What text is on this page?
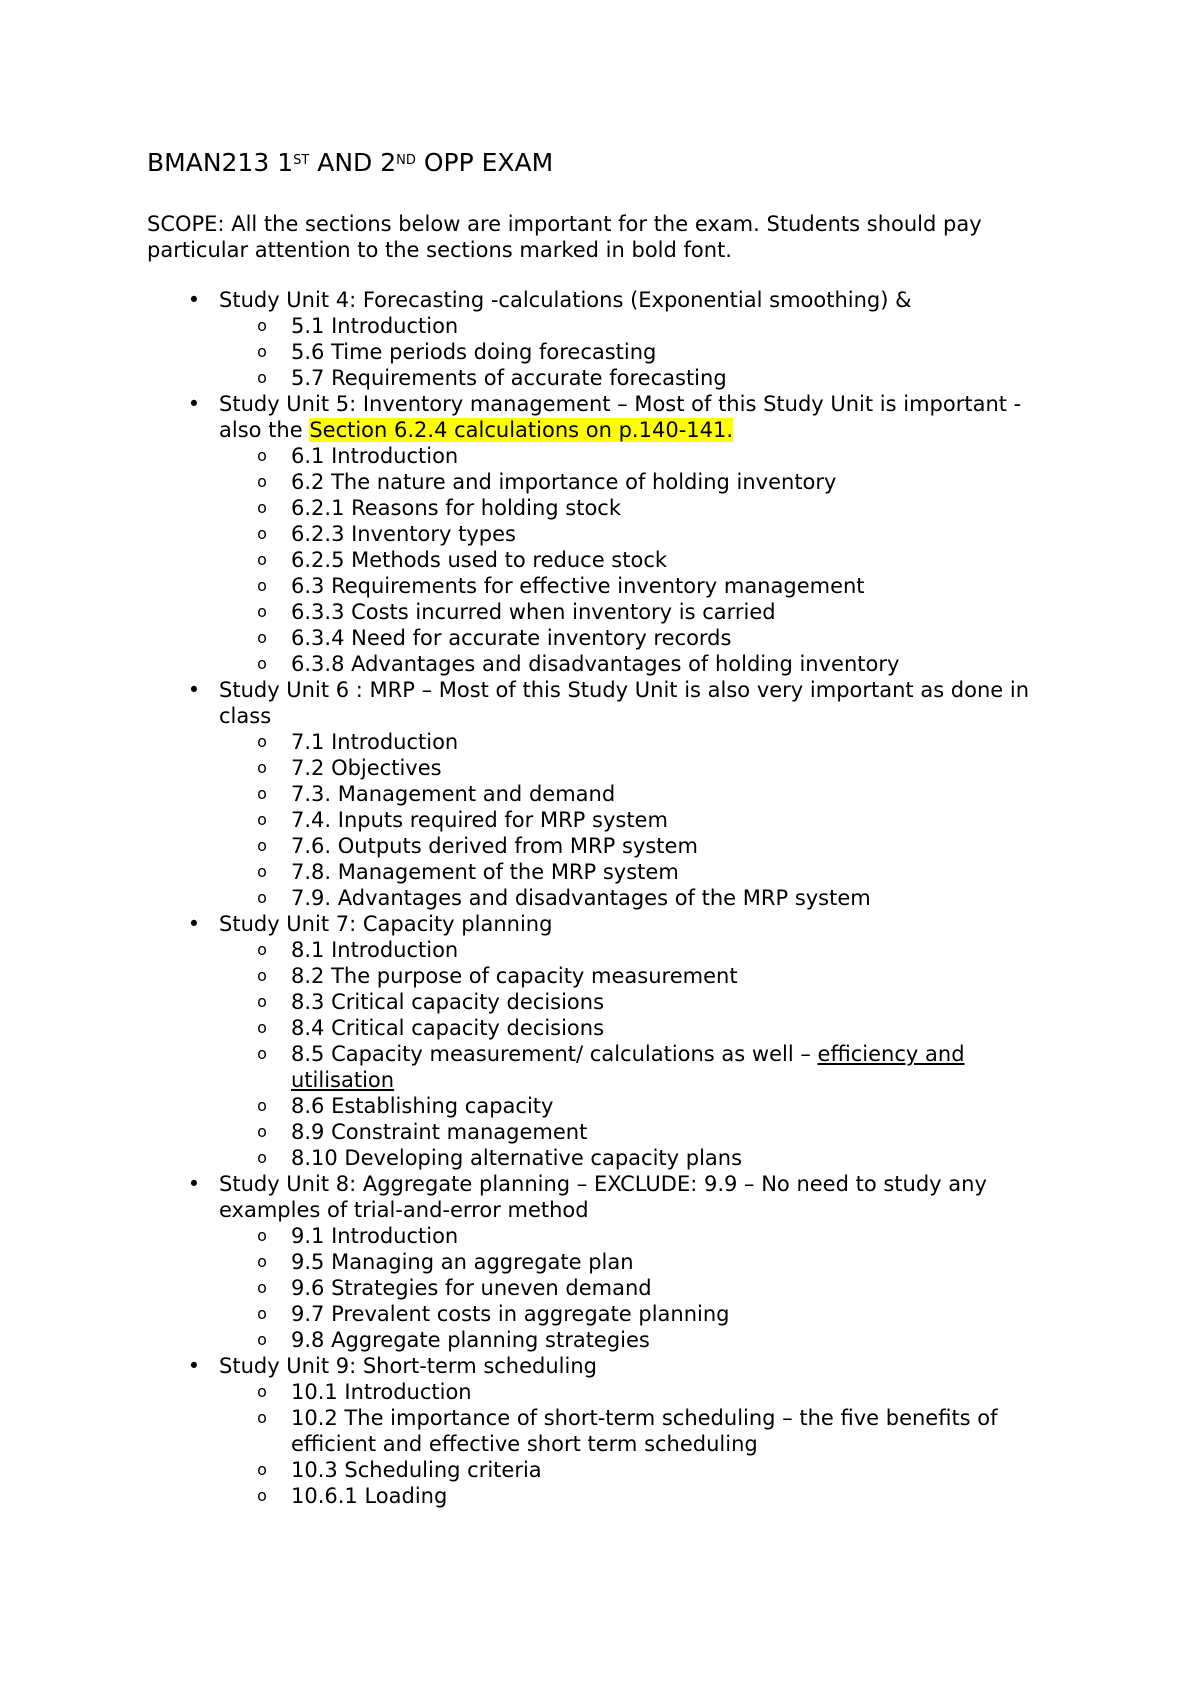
BMAN213 1ST AND 2ND OPP EXAM

SCOPE: All the sections below are important for the exam. Students should pay particular attention to the sections marked in bold font.

• Study Unit 4: Forecasting -calculations (Exponential smoothing) &
o 5.1 Introduction
o 5.6 Time periods doing forecasting
o 5.7 Requirements of accurate forecasting
• Study Unit 5: Inventory management – Most of this Study Unit is important - also the Section 6.2.4 calculations on p.140-141.
o 6.1 Introduction
o 6.2 The nature and importance of holding inventory
o 6.2.1 Reasons for holding stock
o 6.2.3 Inventory types
o 6.2.5 Methods used to reduce stock
o 6.3 Requirements for effective inventory management
o 6.3.3 Costs incurred when inventory is carried
o 6.3.4 Need for accurate inventory records
o 6.3.8 Advantages and disadvantages of holding inventory
• Study Unit 6 : MRP – Most of this Study Unit is also very important as done in class
o 7.1 Introduction
o 7.2 Objectives
o 7.3. Management and demand
o 7.4. Inputs required for MRP system
o 7.6. Outputs derived from MRP system
o 7.8. Management of the MRP system
o 7.9. Advantages and disadvantages of the MRP system
• Study Unit 7: Capacity planning
o 8.1 Introduction
o 8.2 The purpose of capacity measurement
o 8.3 Critical capacity decisions
o 8.4 Critical capacity decisions
o 8.5 Capacity measurement/ calculations as well – efficiency and utilisation
o 8.6 Establishing capacity
o 8.9 Constraint management
o 8.10 Developing alternative capacity plans
• Study Unit 8: Aggregate planning – EXCLUDE: 9.9 – No need to study any examples of trial-and-error method
o 9.1 Introduction
o 9.5 Managing an aggregate plan
o 9.6 Strategies for uneven demand
o 9.7 Prevalent costs in aggregate planning
o 9.8 Aggregate planning strategies
• Study Unit 9: Short-term scheduling
o 10.1 Introduction
o 10.2 The importance of short-term scheduling – the five benefits of efficient and effective short term scheduling
o 10.3 Scheduling criteria
o 10.6.1 Loading
